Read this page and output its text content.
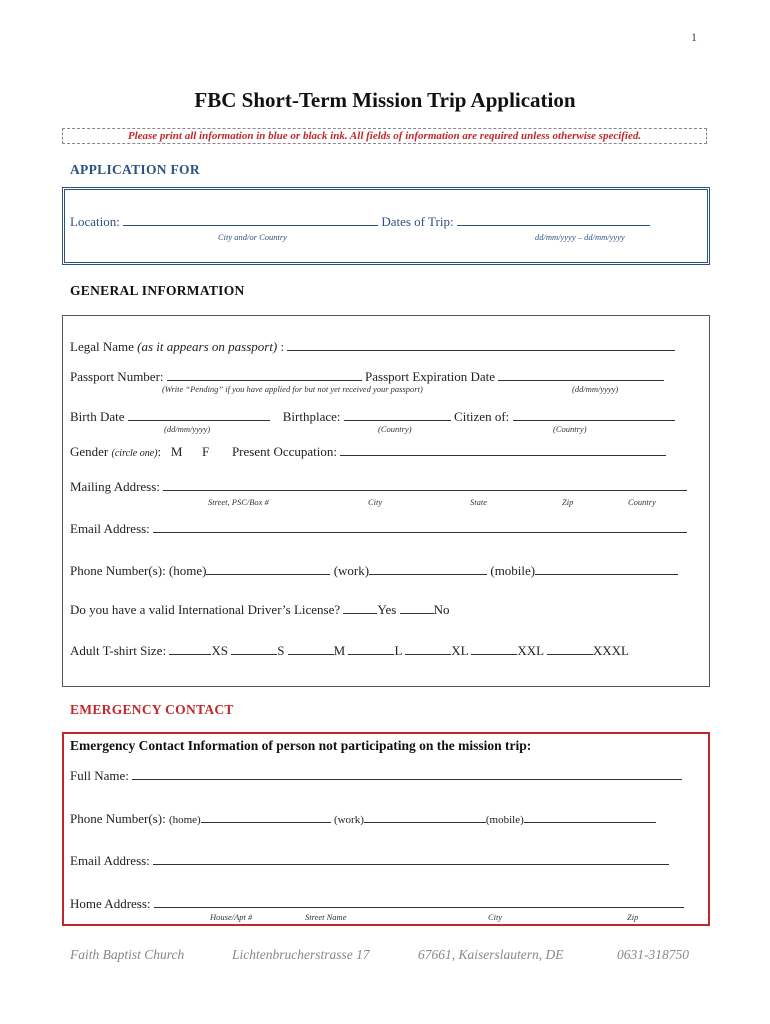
1
FBC Short-Term Mission Trip Application
Please print all information in blue or black ink. All fields of information are required unless otherwise specified.
APPLICATION FOR
Location:	Dates of Trip:
City and/or Country	dd/mm/yyyy – dd/mm/yyyy
GENERAL INFORMATION
Legal Name (as it appears on passport) :
Passport Number:	Passport Expiration Date
(Write “Pending” if you have applied for but not yet received your passport)	(dd/mm/yyyy)
Birth Date	Birthplace:	Citizen of:
(dd/mm/yyyy)	(Country)	(Country)
Gender (circle one): M F Present Occupation:
Mailing Address:
Street, PSC/Box #	City	State	Zip	Country
Email Address:
Phone Number(s): (home)	(work)	(mobile)
Do you have a valid International Driver’s License?	Yes	No
Adult T-shirt Size:	XS	S	M	L	XL	XXL	XXXL
EMERGENCY CONTACT
Emergency Contact Information of person not participating on the mission trip:
Full Name:
Phone Number(s): (home)	(work)	(mobile)
Email Address:
Home Address:
House/Apt #	Street Name	City	Zip
Faith Baptist Church	Lichtenbrucherstrasse 17	67661, Kaiserslautern, DE	0631-318750
